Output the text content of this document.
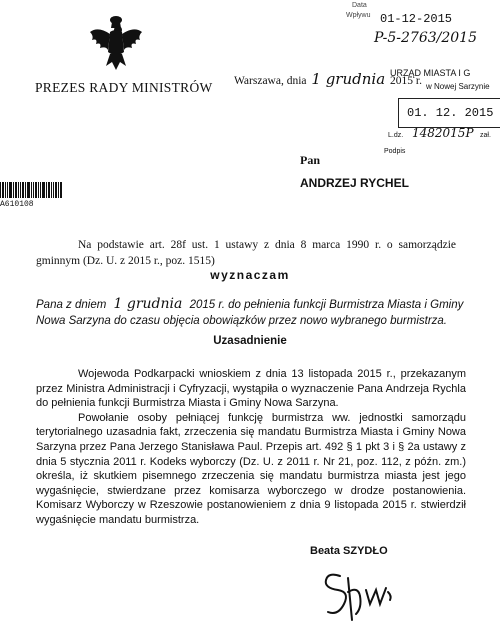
PREZES RADY MINISTRÓW Warszawa, dnia 1 grudnia 2015 r.
Data
Wpływu 01-12-2015
P-5-2763/2015
URZĄD MIASTA I G
w Nowej Sarzynie
01. 12. 2015
L.dz. 1482015P zał.
Podpis
Pan
ANDRZEJ RYCHEL
A610108
Na podstawie art. 28f ust. 1 ustawy z dnia 8 marca 1990 r. o samorządzie gminnym (Dz. U. z 2015 r., poz. 1515)
wyznaczam
Pana z dniem 1 grudnia 2015 r. do pełnienia funkcji Burmistrza Miasta i Gminy Nowa Sarzyna do czasu objęcia obowiązków przez nowo wybranego burmistrza.
Uzasadnienie

Wojewoda Podkarpacki wnioskiem z dnia 13 listopada 2015 r., przekazanym przez Ministra Administracji i Cyfryzacji, wystąpiła o wyznaczenie Pana Andrzeja Rychla do pełnienia funkcji Burmistrza Miasta i Gminy Nowa Sarzyna.

Powołanie osoby pełniącej funkcję burmistrza ww. jednostki samorządu terytorialnego uzasadnia fakt, zrzeczenia się mandatu Burmistrza Miasta i Gminy Nowa Sarzyna przez Pana Jerzego Stanisława Paul. Przepis art. 492 § 1 pkt 3 i § 2a ustawy z dnia 5 stycznia 2011 r. Kodeks wyborczy (Dz. U. z 2011 r. Nr 21, poz. 112, z późn. zm.) określa, iż skutkiem pisemnego zrzeczenia się mandatu burmistrza miasta jest jego wygaśnięcie, stwierdzane przez komisarza wyborczego w drodze postanowienia. Komisarz Wyborczy w Rzeszowie postanowieniem z dnia 9 listopada 2015 r. stwierdził wygaśnięcie mandatu burmistrza.

Beata SZYDŁO
